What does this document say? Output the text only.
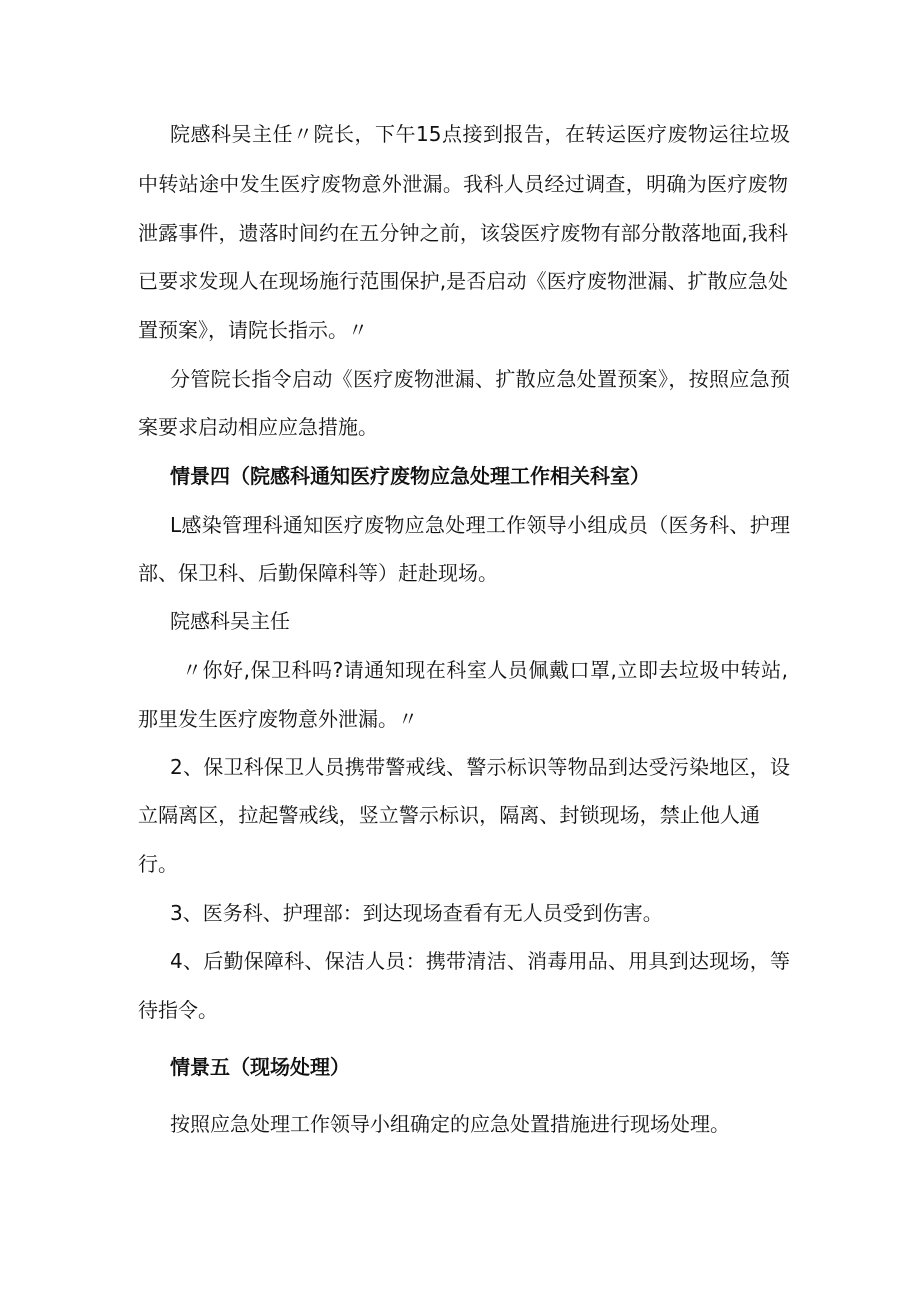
院感科吴主任〃院长，下午15点接到报告，在转运医疗废物运往垃圾
中转站途中发生医疗废物意外泄漏。我科人员经过调查，明确为医疗废物
泄露事件，遗落时间约在五分钟之前，该袋医疗废物有部分散落地面,我科
已要求发现人在现场施行范围保护,是否启动《医疗废物泄漏、扩散应急处
置预案》，请院长指示。〃
分管院长指令启动《医疗废物泄漏、扩散应急处置预案》，按照应急预
案要求启动相应应急措施。
情景四（院感科通知医疗废物应急处理工作相关科室）
L感染管理科通知医疗废物应急处理工作领导小组成员（医务科、护理
部、保卫科、后勤保障科等）赶赴现场。
院感科吴主任
〃你好,保卫科吗?请通知现在科室人员佩戴口罩,立即去垃圾中转站,
那里发生医疗废物意外泄漏。〃
2、保卫科保卫人员携带警戒线、警示标识等物品到达受污染地区，设
立隔离区，拉起警戒线，竖立警示标识，隔离、封锁现场，禁止他人通
行。
3、医务科、护理部：到达现场查看有无人员受到伤害。
4、后勤保障科、保洁人员：携带清洁、消毒用品、用具到达现场，等
待指令。
情景五（现场处理）
按照应急处理工作领导小组确定的应急处置措施进行现场处理。
